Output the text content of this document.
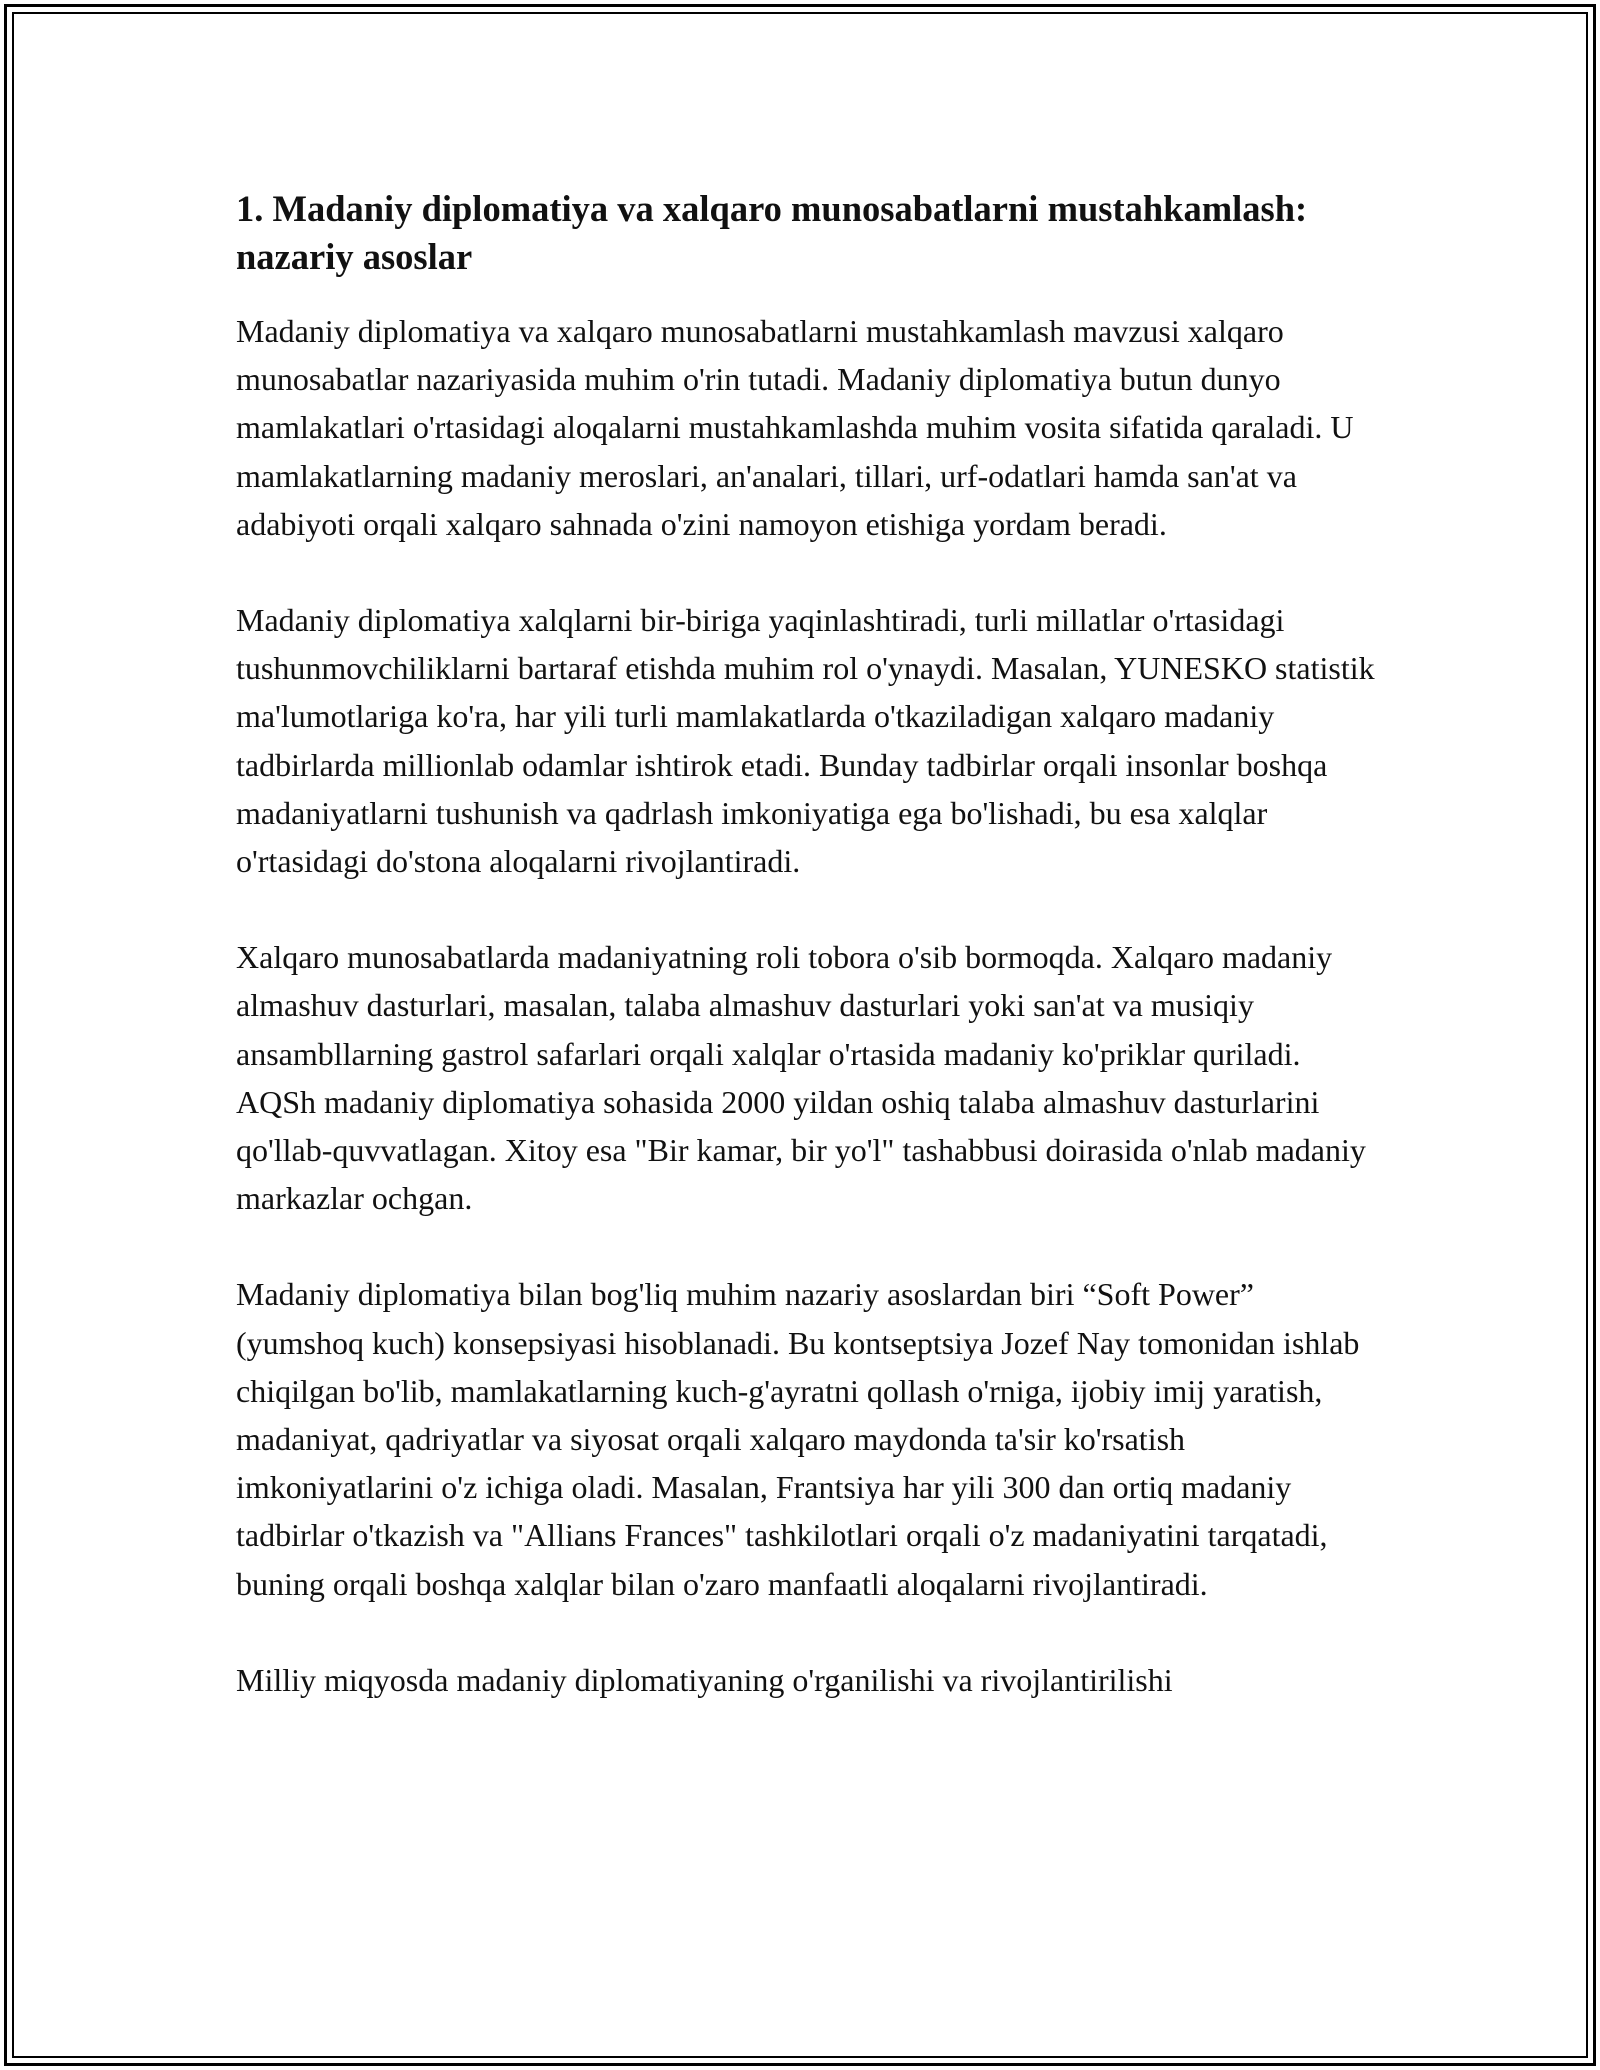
1. Madaniy diplomatiya va xalqaro munosabatlarni mustahkamlash: nazariy asoslar

Madaniy diplomatiya va xalqaro munosabatlarni mustahkamlash mavzusi xalqaro munosabatlar nazariyasida muhim o'rin tutadi. Madaniy diplomatiya butun dunyo mamlakatlari o'rtasidagi aloqalarni mustahkamlashda muhim vosita sifatida qaraladi. U mamlakatlarning madaniy meroslari, an'analari, tillari, urf-odatlari hamda san'at va adabiyoti orqali xalqaro sahnada o'zini namoyon etishiga yordam beradi.

Madaniy diplomatiya xalqlarni bir-biriga yaqinlashtiradi, turli millatlar o'rtasidagi tushunmovchiliklarni bartaraf etishda muhim rol o'ynaydi. Masalan, YUNESKO statistik ma'lumotlariga ko'ra, har yili turli mamlakatlarda o'tkaziladigan xalqaro madaniy tadbirlarda millionlab odamlar ishtirok etadi. Bunday tadbirlar orqali insonlar boshqa madaniyatlarni tushunish va qadrlash imkoniyatiga ega bo'lishadi, bu esa xalqlar o'rtasidagi do'stona aloqalarni rivojlantiradi.

Xalqaro munosabatlarda madaniyatning roli tobora o'sib bormoqda. Xalqaro madaniy almashuv dasturlari, masalan, talaba almashuv dasturlari yoki san'at va musiqiy ansambllarning gastrol safarlari orqali xalqlar o'rtasida madaniy ko'priklar quriladi. AQSh madaniy diplomatiya sohasida 2000 yildan oshiq talaba almashuv dasturlarini qo'llab-quvvatlagan. Xitoy esa "Bir kamar, bir yo'l" tashabbusi doirasida o'nlab madaniy markazlar ochgan.

Madaniy diplomatiya bilan bog'liq muhim nazariy asoslardan biri “Soft Power” (yumshoq kuch) konsepsiyasi hisoblanadi. Bu kontseptsiya Jozef Nay tomonidan ishlab chiqilgan bo'lib, mamlakatlarning kuch-g'ayratni qollash o'rniga, ijobiy imij yaratish, madaniyat, qadriyatlar va siyosat orqali xalqaro maydonda ta'sir ko'rsatish imkoniyatlarini o'z ichiga oladi. Masalan, Frantsiya har yili 300 dan ortiq madaniy tadbirlar o'tkazish va "Allians Frances" tashkilotlari orqali o'z madaniyatini tarqatadi, buning orqali boshqa xalqlar bilan o'zaro manfaatli aloqalarni rivojlantiradi.

Milliy miqyosda madaniy diplomatiyaning o'rganilishi va rivojlantirilishi
